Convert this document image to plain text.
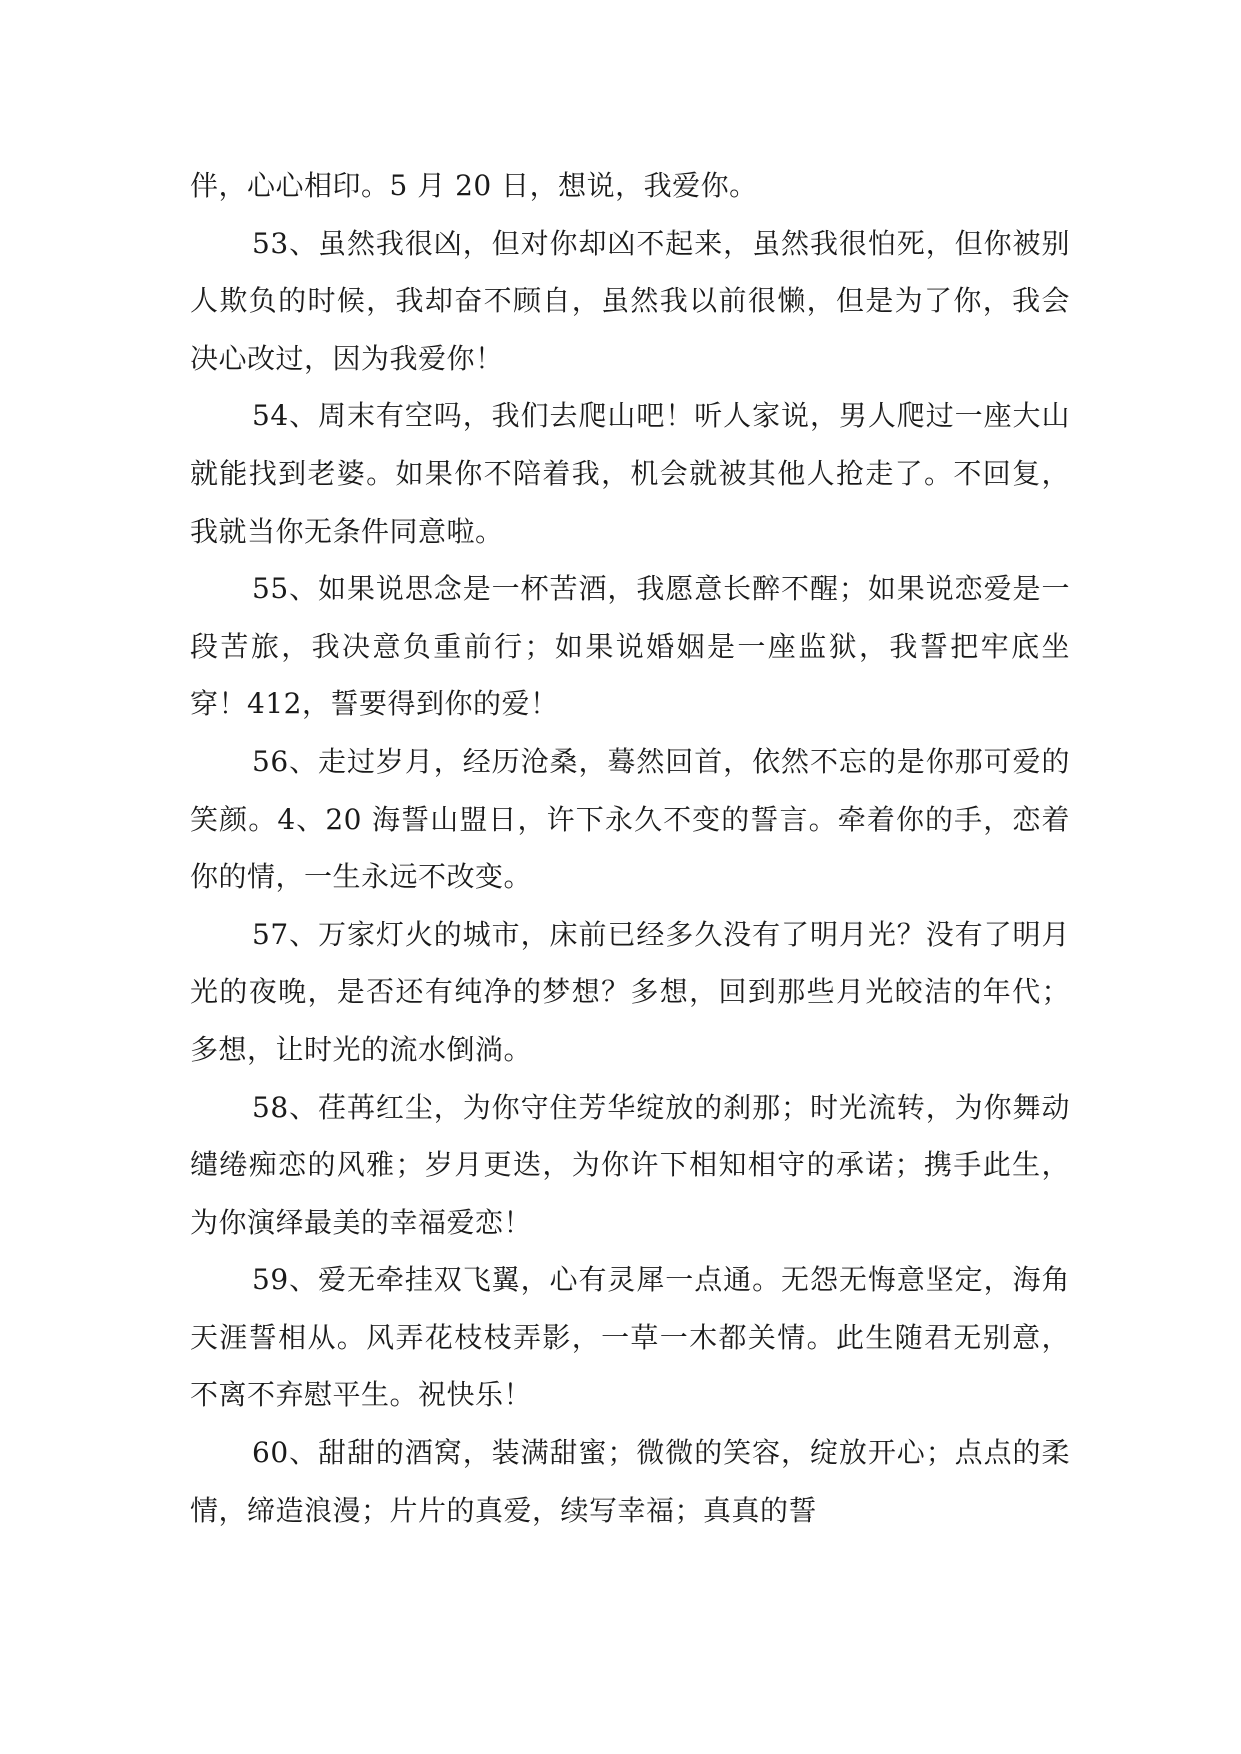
伴，心心相印。5 月 20 日，想说，我爱你。

53、虽然我很凶，但对你却凶不起来，虽然我很怕死，但你被别人欺负的时候，我却奋不顾自，虽然我以前很懒，但是为了你，我会决心改过，因为我爱你！

54、周末有空吗，我们去爬山吧！听人家说，男人爬过一座大山就能找到老婆。如果你不陪着我，机会就被其他人抢走了。不回复，我就当你无条件同意啦。

55、如果说思念是一杯苦酒，我愿意长醉不醒；如果说恋爱是一段苦旅，我决意负重前行；如果说婚姻是一座监狱，我誓把牢底坐穿！412，誓要得到你的爱！

56、走过岁月，经历沧桑，蓦然回首，依然不忘的是你那可爱的笑颜。4、20 海誓山盟日，许下永久不变的誓言。牵着你的手，恋着你的情，一生永远不改变。

57、万家灯火的城市，床前已经多久没有了明月光？没有了明月光的夜晚，是否还有纯净的梦想？多想，回到那些月光皎洁的年代；多想，让时光的流水倒淌。

58、荏苒红尘，为你守住芳华绽放的刹那；时光流转，为你舞动缱绻痴恋的风雅；岁月更迭，为你许下相知相守的承诺；携手此生，为你演绎最美的幸福爱恋！

59、爱无牵挂双飞翼，心有灵犀一点通。无怨无悔意坚定，海角天涯誓相从。风弄花枝枝弄影，一草一木都关情。此生随君无别意，不离不弃慰平生。祝快乐！

60、甜甜的酒窝，装满甜蜜；微微的笑容，绽放开心；点点的柔情，缔造浪漫；片片的真爱，续写幸福；真真的誓
